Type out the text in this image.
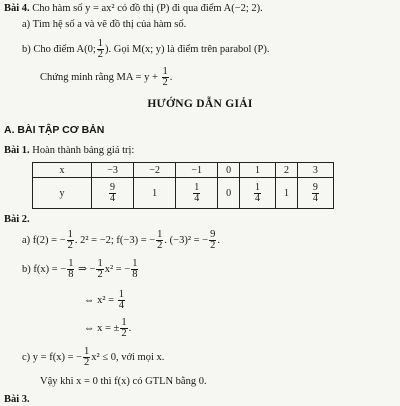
Bài 4. Cho hàm số y = ax² có đồ thị (P) đi qua điểm A(−2; 2).
a) Tìm hệ số a và vẽ đồ thị của hàm số.
b) Cho điểm A(0; $\frac{1}{2}$ ). Gọi M(x; y) là điểm trên parabol (P).
Chứng minh rằng MA = $y + \frac{1}{2}$ .
HƯỚNG DẪN GIẢI
A. BÀI TẬP CƠ BẢN
Bài 1. Hoàn thành bảng giá trị:
x	−3	−2	−1	0	1	2	3
y	$\frac{9}{4}$	1	$\frac{1}{4}$	0	$\frac{1}{4}$	1	$\frac{9}{4}$
Bài 2.
a) f(2) = − $\frac{1}{2}$ . 2² = −2; f(−3) = − $\frac{1}{2}$ . (−3)² = − $\frac{9}{2}$ .
b) f(x) = − $\frac{1}{8}$ ⇒ − $\frac{1}{2} x^2$ = − $\frac{1}{8}$
⇔ $x^2 = \frac{1}{4}$
⇔ x = ± $\frac{1}{2}$ .
c) y = f(x) = − $\frac{1}{2} x^2 \le 0$, với mọi x.
Vậy khi x = 0 thì f(x) có GTLN bằng 0.
Bài 3.
